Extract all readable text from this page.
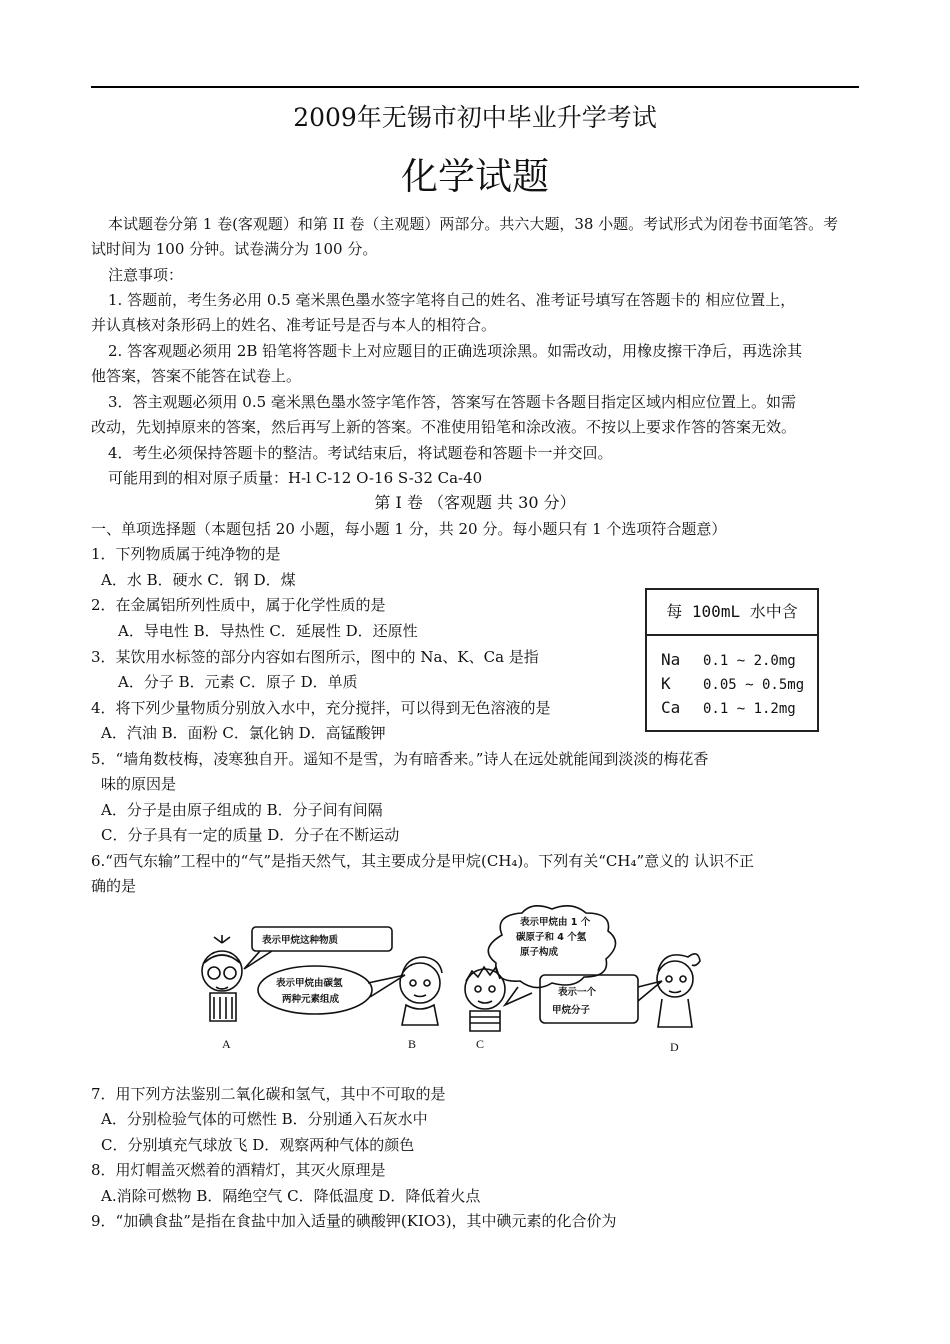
2009年无锡市初中毕业升学考试
化学试题
本试题卷分第 1 卷(客观题）和第 II 卷（主观题）两部分。共六大题，38 小题。考试形式为闭卷书面笔答。考
试时间为 100 分钟。试卷满分为 100 分。
注意事项：
1. 答题前，考生务必用 0.5 毫米黑色墨水签字笔将自己的姓名、准考证号填写在答题卡的 相应位置上，
并认真核对条形码上的姓名、准考证号是否与本人的相符合。
2. 答客观题必须用 2B 铅笔将答题卡上对应题目的正确选项涂黑。如需改动，用橡皮擦干净后，再选涂其
他答案，答案不能答在试卷上。
3．答主观题必须用 0.5 毫米黑色墨水签字笔作答，答案写在答题卡各题目指定区域内相应位置上。如需
改动，先划掉原来的答案，然后再写上新的答案。不准使用铅笔和涂改液。不按以上要求作答的答案无效。
4．考生必须保持答题卡的整洁。考试结束后，将试题卷和答题卡一并交回。
可能用到的相对原子质量：H-l C-12 O-16 S-32 Ca-40
第 I 卷 （客观题 共 30 分）
一、单项选择题（本题包括 20 小题，每小题 1 分，共 20 分。每小题只有 1 个选项符合题意）
1．下列物质属于纯净物的是
A．水 B．硬水 C．钢 D．煤
2．在金属铝所列性质中，属于化学性质的是
A．导电性 B．导热性 C．延展性 D．还原性
3．某饮用水标签的部分内容如右图所示，图中的 Na、K、Ca 是指
A．分子 B．元素 C．原子 D．单质
4．将下列少量物质分别放入水中，充分搅拌，可以得到无色溶液的是
A．汽油 B．面粉 C．氯化钠 D．高锰酸钾
5．“墙角数枝梅，凌寒独自开。遥知不是雪，为有暗香来。”诗人在远处就能闻到淡淡的梅花香
味的原因是
A．分子是由原子组成的 B．分子间有间隔
C．分子具有一定的质量 D．分子在不断运动
6.“西气东输”工程中的“气”是指天然气，其主要成分是甲烷(CH₄)。下列有关“CH₄”意义的 认识不正
确的是
每 100mL 水中含
Na 0.1 ~ 2.0mg
K 0.05 ~ 0.5mg
Ca 0.1 ~ 1.2mg
表示甲烷这种物质
表示甲烷由碳氢
两种元素组成
表示甲烷由 1 个
碳原子和 4 个氢
原子构成
表示一个
甲烷分子
A	B	C	D
7．用下列方法鉴别二氧化碳和氢气，其中不可取的是
A．分别检验气体的可燃性 B．分别通入石灰水中
C．分别填充气球放飞 D．观察两种气体的颜色
8．用灯帽盖灭燃着的酒精灯，其灭火原理是
A.消除可燃物 B．隔绝空气 C．降低温度 D．降低着火点
9．“加碘食盐”是指在食盐中加入适量的碘酸钾(KIO3)，其中碘元素的化合价为
